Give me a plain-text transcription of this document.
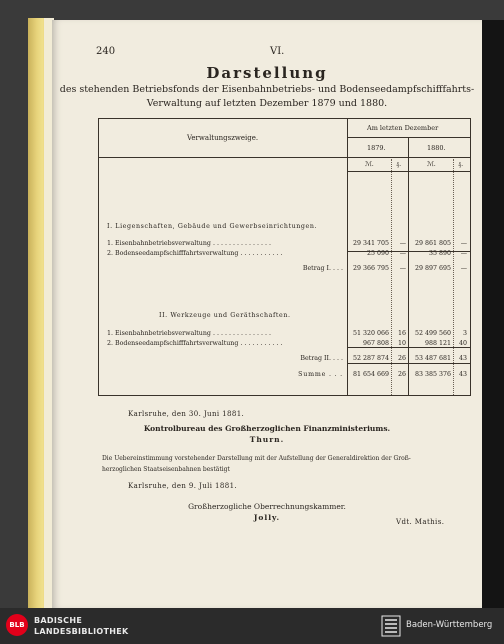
240	VI.
Darstellung
des stehenden Betriebsfonds der Eisenbahnbetriebs- und Bodenseedampfschifffahrts-
Verwaltung auf letzten Dezember 1879 und 1880.
Verwaltungszweige.
Am letzten Dezember
1879.	1880.
ℳ.	₰.	ℳ.	₰.
I. Liegenschaften, Gebäude und Gewerbseinrichtungen.
1. Eisenbahnbetriebsverwaltung . . . . . . . . . . . . . . .	29 341 705	—	29 861 805	—
2. Bodenseedampfschifffahrtsverwaltung . . . . . . . . . . .	25 090	—	35 890	—
Betrag I. . . .	29 366 795	—	29 897 695	—
II. Werkzeuge und Geräthschaften.
1. Eisenbahnbetriebsverwaltung . . . . . . . . . . . . . . .	51 320 066	16	52 499 560	3
2. Bodenseedampfschifffahrtsverwaltung . . . . . . . . . . .	967 808	10	988 121	40
Betrag II. . . .	52 287 874	26	53 487 681	43
Summe . . .	81 654 669	26	83 385 376	43
Karlsruhe, den 30. Juni 1881.
Kontrolbureau des Großherzoglichen Finanzministeriums.
Thurn.
Die Uebereinstimmung vorstehender Darstellung mit der Aufstellung der Generaldirektion der Groß-
herzoglichen Staatseisenbahnen bestätigt
Karlsruhe, den 9. Juli 1881.
Großherzogliche Oberrechnungskammer.
Jolly.	Vdt. Mathis.
BLB	BADISCHE
LANDESBIBLIOTHEK
Baden-Württemberg
